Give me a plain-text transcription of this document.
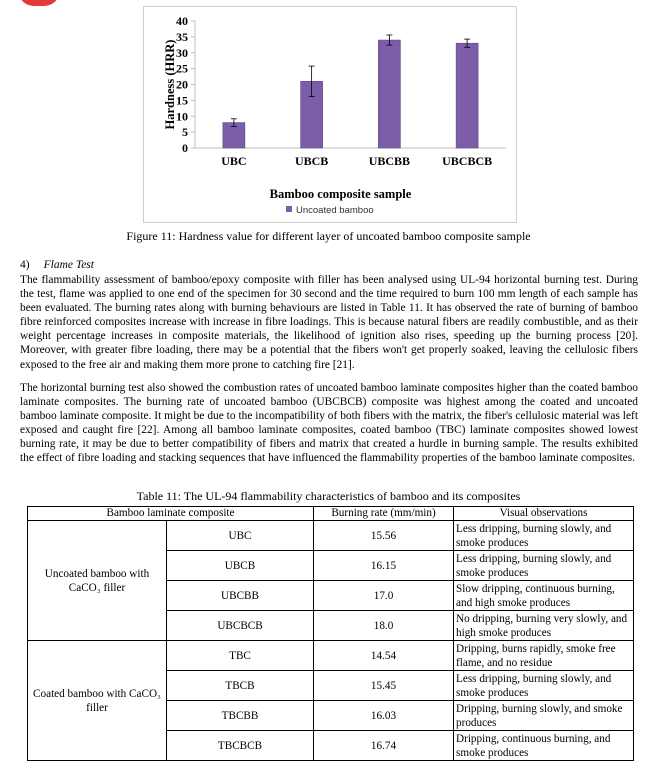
0
5
10
15
20
25
30
35
40
UBC	UBCB	UBCBB	UBCBCB
Hardness (HRR)
Bamboo composite sample
Uncoated bamboo
Figure 11: Hardness value for different layer of uncoated bamboo composite sample
4) Flame Test

The flammability assessment of bamboo/epoxy composite with filler has been analysed using UL-94 horizontal burning test. During the test, flame was applied to one end of the specimen for 30 second and the time required to burn 100 mm length of each sample has been evaluated. The burning rates along with burning behaviours are listed in Table 11. It has observed the rate of burning of bamboo fibre reinforced composites increase with increase in fibre loadings. This is because natural fibers are readily combustible, and as their weight percentage increases in composite materials, the likelihood of ignition also rises, speeding up the burning process [20]. Moreover, with greater fibre loading, there may be a potential that the fibers won't get properly soaked, leaving the cellulosic fibers exposed to the free air and making them more prone to catching fire [21].

The horizontal burning test also showed the combustion rates of uncoated bamboo laminate composites higher than the coated bamboo laminate composites. The burning rate of uncoated bamboo (UBCBCB) composite was highest among the coated and uncoated bamboo laminate composite. It might be due to the incompatibility of both fibers with the matrix, the fiber's cellulosic material was left exposed and caught fire [22]. Among all bamboo laminate composites, coated bamboo (TBC) laminate composites showed lowest burning rate, it may be due to better compatibility of fibers and matrix that created a hurdle in burning sample. The results exhibited the effect of fibre loading and stacking sequences that have influenced the flammability properties of the bamboo laminate composites.

Table 11: The UL-94 flammability characteristics of bamboo and its composites
Bamboo laminate composite		Burning rate (mm/min)	Visual observations
Uncoated bamboo with CaCO₃ filler	UBC	15.56	Less dripping, burning slowly, and smoke produces
	UBCB	16.15	Less dripping, burning slowly, and smoke produces
	UBCBB	17.0	Slow dripping, continuous burning, and high smoke produces
	UBCBCB	18.0	No dripping, burning very slowly, and high smoke produces
Coated bamboo with CaCO₃ filler	TBC	14.54	Dripping, burns rapidly, smoke free flame, and no residue
	TBCB	15.45	Less dripping, burning slowly, and smoke produces
	TBCBB	16.03	Dripping, burning slowly, and smoke produces
	TBCBCB	16.74	Dripping, continuous burning, and smoke produces
